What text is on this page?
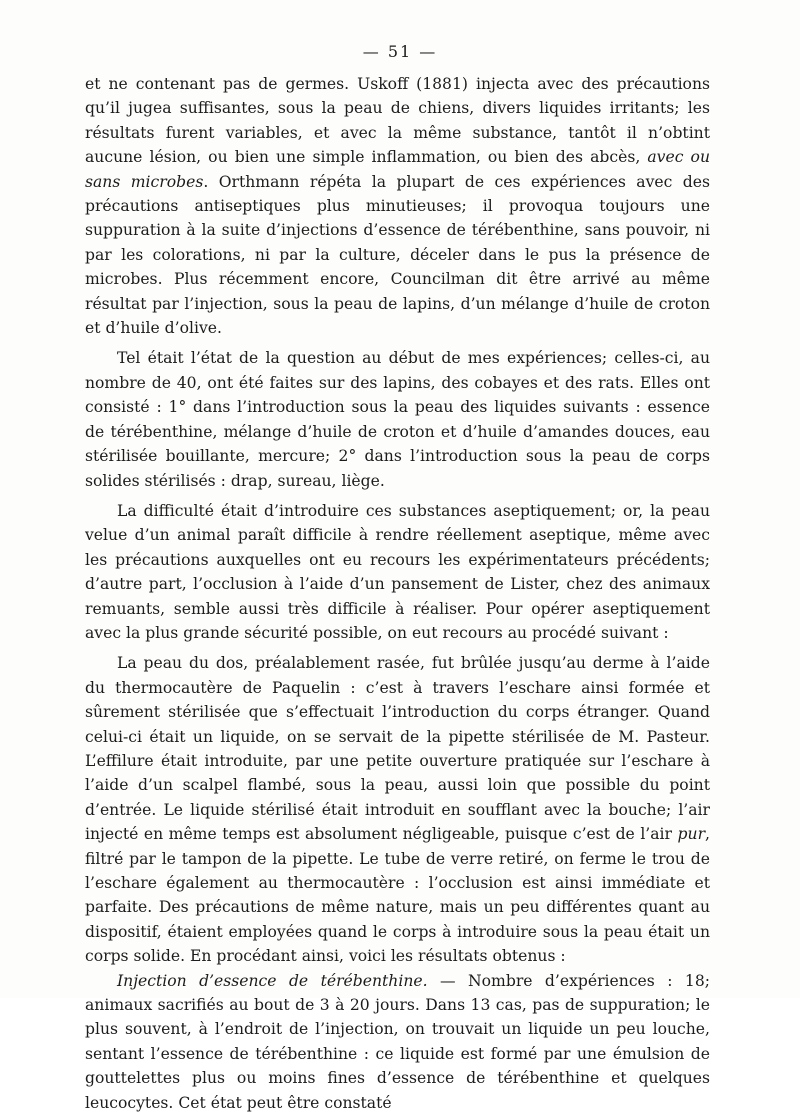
— 51 —

et ne contenant pas de germes. Uskoff (1881) injecta avec des précautions qu’il jugea suffisantes, sous la peau de chiens, divers liquides irritants; les résultats furent variables, et avec la même substance, tantôt il n’obtint aucune lésion, ou bien une simple inflammation, ou bien des abcès, avec ou sans microbes. Orthmann répéta la plupart de ces expériences avec des précautions antiseptiques plus minutieuses; il provoqua toujours une suppuration à la suite d’injections d’essence de térébenthine, sans pouvoir, ni par les colorations, ni par la culture, déceler dans le pus la présence de microbes. Plus récemment encore, Councilman dit être arrivé au même résultat par l’injection, sous la peau de lapins, d’un mélange d’huile de croton et d’huile d’olive.

Tel était l’état de la question au début de mes expériences; celles-ci, au nombre de 40, ont été faites sur des lapins, des cobayes et des rats. Elles ont consisté : 1° dans l’introduction sous la peau des liquides suivants : essence de térébenthine, mélange d’huile de croton et d’huile d’amandes douces, eau stérilisée bouillante, mercure; 2° dans l’introduction sous la peau de corps solides stérilisés : drap, sureau, liège.

La difficulté était d’introduire ces substances aseptiquement; or, la peau velue d’un animal paraît difficile à rendre réellement aseptique, même avec les précautions auxquelles ont eu recours les expérimentateurs précédents; d’autre part, l’occlusion à l’aide d’un pansement de Lister, chez des animaux remuants, semble aussi très difficile à réaliser. Pour opérer aseptiquement avec la plus grande sécurité possible, on eut recours au procédé suivant :

La peau du dos, préalablement rasée, fut brûlée jusqu’au derme à l’aide du thermocautère de Paquelin : c’est à travers l’eschare ainsi formée et sûrement stérilisée que s’effectuait l’introduction du corps étranger. Quand celui-ci était un liquide, on se servait de la pipette stérilisée de M. Pasteur. L’effilure était introduite, par une petite ouverture pratiquée sur l’eschare à l’aide d’un scalpel flambé, sous la peau, aussi loin que possible du point d’entrée. Le liquide stérilisé était introduit en soufflant avec la bouche; l’air injecté en même temps est absolument négligeable, puisque c’est de l’air pur, filtré par le tampon de la pipette. Le tube de verre retiré, on ferme le trou de l’eschare également au thermocautère : l’occlusion est ainsi immédiate et parfaite. Des précautions de même nature, mais un peu différentes quant au dispositif, étaient employées quand le corps à introduire sous la peau était un corps solide. En procédant ainsi, voici les résultats obtenus :

Injection d’essence de térébenthine. — Nombre d’expériences : 18; animaux sacrifiés au bout de 3 à 20 jours. Dans 13 cas, pas de suppuration; le plus souvent, à l’endroit de l’injection, on trouvait un liquide un peu louche, sentant l’essence de térébenthine : ce liquide est formé par une émulsion de gouttelettes plus ou moins fines d’essence de térébenthine et quelques leucocytes. Cet état peut être constaté
